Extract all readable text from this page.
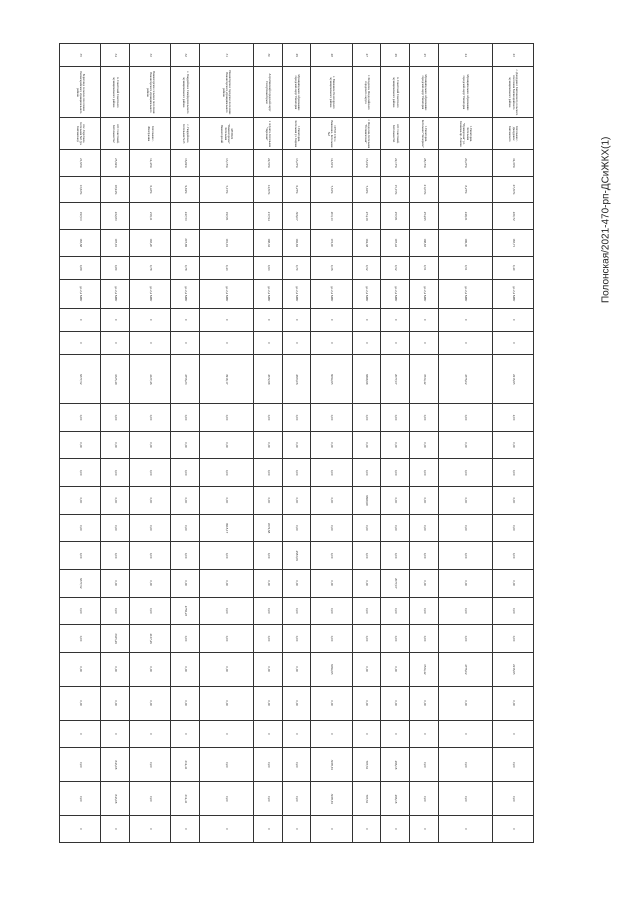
23	с. Джорданос Кипчакского сельского поселения Бахчисарайского муниципального района	Котельная с. Джорданос Кипчакского	34,30%	27,30%	220,72	183,71	0,40	до 2,4 МВт	0	0	2216,65	2,00	0,00	0,00	0,00	0,00	0,00	0,00	0,00	0,00	2216,65	0,00	0	0,00	0,00	0
24	Муниципальное образование городской округ Евпатория	г. Евпатория, Котельная "Приморская" ул. Казакова-пр. Ленина	20,27%	8,27%	248,31	196,30	0,51	до 2,4 МВт	0	0	4776,02	0,00	0,00	0,00	0,00	0,00	0,00	0,00	0,00	0,00	4776,02	0,00	0	0,00	0,00	0
25	Муниципальное образование городской округ Евпатория	г. Евпатория, Котельная "Заозерное"	28,15%	21,05%	254,95	198,83	0,51	до 2,4 МВт	0	0	3534,42	0,00	0,00	0,00	0,00	0,00	0,00	0,00	0,00	0,00	3534,42	0,00	0	0,00	0,00	0
26	п. Советский Советского муниципального района	пгт. Советский, Котельная №1	22,17%	15,15%	257,81	197,42	0,52	до 2,4 МВт	0	0	2077,07	0,00	0,00	0,00	0,00	0,00	0,00	2077,07	0,00	0,00	0,00	0,00	0	496,18	496,18	0
27	г. Феодосия, Феодосийского городского округа	г. Феодосия, Котельная "Ботаническая"	15,02%	7,02%	274,19	194,38	0,52	до 2,4 МВт	0	0	6668,68	0,00	0,00	0,00	6668,68	0,00	0,00	0,00	0,00	0,00	0,00	0,00	0	787,61	787,61	0
28	с. Вишенное Белогорского муниципального района	ОГУП СЗО с. Вишенное, Котельная №3	14,61%	7,61%	203,13	172,00	0,36	до 2,4 МВт	0	0	6094,65	0,00	0,00	0,00	0,00	0,00	0,00	0,00	0,00	0,00	6094,65	0,00	0	3085,81	3085,81	0
29	Муниципальное образование городской округ Евпатория	г. Евпатория, Котельная ул. Кирова	13,27%	6,27%	306,07	192,82	0,70	до 2,4 МВт	0	0	4583,06	0,00	0,00	0,00	0,00	0,00	4583,06	0,00	0,00	0,00	0,00	0,00	0	0,00	0,00	0
30	Алуштинский городской округ Республики Крым	г. Алушта, Котельная "Заречная"	22,50%	14,50%	217,94	198,32	0,63	до 2,4 МВт	0	0	4572,68	0,00	0,00	0,00	0,00	4572,68	0,00	0,00	0,00	0,00	0,00	0,00	0	0,00	0,00	0
31	Нижнегорское городское поселение Нижнегорского муниципального района	МУПКХ "Нижнегорское" Котельная Нижнегорский	13,15%	5,15%	197,81	191,91	0,43	до 2,4 МВт	0	0	3918,17	0,00	0,00	0,00	0,00	3918,17	0,00	0,00	0,00	0,00	0,00	0,00	0	0,00	0,00	0
32	с. Гвардейское Симферопольского муниципального района	с. Гвардейское, Котельная №13	16,84%	9,84%	247,53	207,86	0,78	до 2,4 МВт	0	0	4756,23	0,00	0,00	0,00	0,00	0,00	0,00	0,00	4756,23	0,00	0,00	0,00	0	214,41	214,41	0
33	Нижнегорское сельское поселение Нижнегорского муниципального района	Котельная с. Жемчужина	14,43%	6,43%	219,11	193,20	0,78	до 2,4 МВт	0	0	4127,46	0,00	0,00	0,00	0,00	0,00	0,00	0,00	0,00	4127,46	0,00	0,00	0	0,00	0,00	0
34	п. Советский Советского муниципального района	пгт. Советский, Котельная №2	25,94%	18,94%	232,83	197,91	0,80	до 2,4 МВт	0	0	3325,49	0,00	0,00	0,00	0,00	0,00	0,00	0,00	0,00	3325,49	0,00	0,00	0	843,08	843,08	0
35	Береговое сельское поселение Бахчисарайского муниципального района	пос. Береговое, Котельная №5 (ул. Кипчакская)	21,63%	13,63%	197,03	183,68	0,89	до 2,4 МВт	0	0	6377,52	0,00	0,00	0,00	0,00	0,00	0,00	6377,52	0,00	0,00	0,00	0,00	0	0,00	0,00	0
Полонская/2021-470-рп-ДСиЖКХ(1)
